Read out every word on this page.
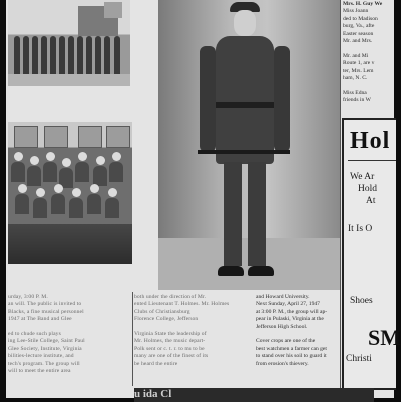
Mrs. H. Guy We
Miss Joann
ded to Madison
burg, Va., afte
Easter season
Mr. and Mrs.

Mr. and Mi
Route 1, are v
ter, Mrs. Lem
ham, N. C.

Miss Edna
friends in W
Hol
We Ar
Hold
At
It Is O
Shoes
SM
Christi
urday, 3:00 P. M.
an will. The public is invited to
Blacks, a fine musical personnel
1947 at The Band and Glee

ed to chude such plays
ing Lee-Stile College, Saint Paul
Glee Society, Institute, Virginia
bilities-lecture institute, and
tech's program. The group will
will to meet the entire area
both under the direction of Mr.
ented Lieutenant T. Holmes. Mr. Holmes
Clubs of Christiansburg
Florence College, Jefferson

Virginia State the leadership of
Mr. Holmes, the music depart-
Polk sent or c. t. r. to mu to be
many are one of the finest of its
be heard the entire
and Howard University.
Next Sunday, April 27, 1947
at 3:00 P. M., the group will ap-
pear in Pulaski, Virginia at the
Jefferson High School.

Cover crops are one of the
best watchmen a farmer can get
to stand over his soil to guard it
from erosion's thievery.
u ida Cl
